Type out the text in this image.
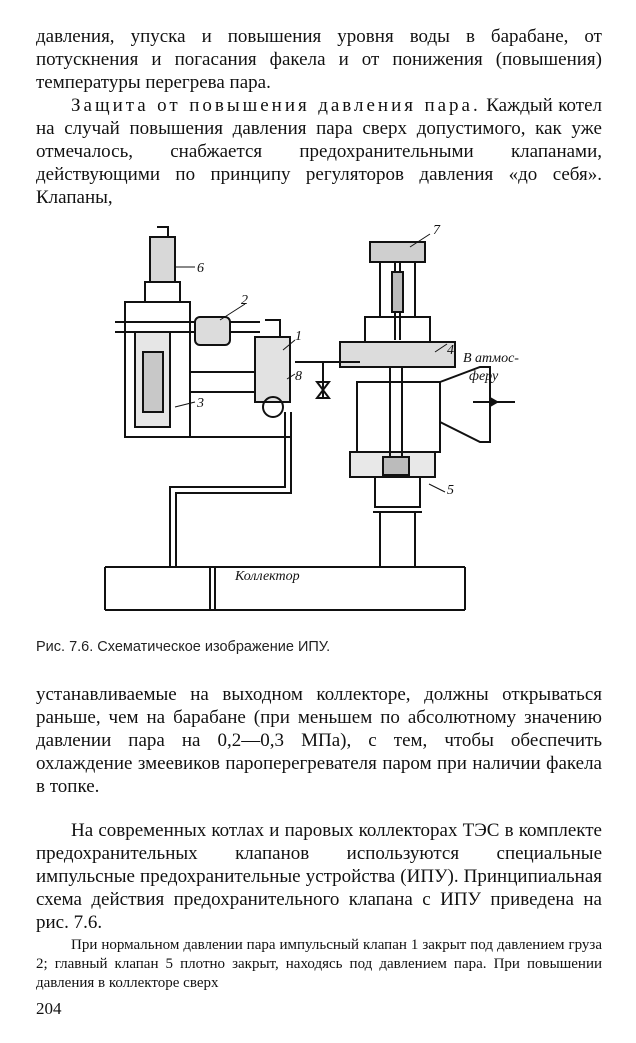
давления, упуска и повышения уровня воды в барабане, от потускнения и погасания факела и от понижения (повышения) температуры перегрева пара.

Защита от повышения давления пара. Каждый котел на случай повышения давления пара сверх допустимого, как уже отмечалось, снабжается предохранительными клапанами, действующими по принципу регуляторов давления «до себя». Клапаны,

7
4
5
2
1
8
3
6
В атмос-
феру
Коллектор
Рис. 7.6. Схематическое изображение ИПУ.

устанавливаемые на выходном коллекторе, должны открываться раньше, чем на барабане (при меньшем по абсолютному значению давлении пара на 0,2—0,3 МПа), с тем, чтобы обеспечить охлаждение змеевиков пароперегревателя паром при наличии факела в топке.

На современных котлах и паровых коллекторах ТЭС в комплекте предохранительных клапанов используются специальные импульсные предохранительные устройства (ИПУ). Принципиальная схема действия предохранительного клапана с ИПУ приведена на рис. 7.6.

При нормальном давлении пара импульсный клапан 1 закрыт под давлением груза 2; главный клапан 5 плотно закрыт, находясь под давлением пара. При повышении давления в коллекторе сверх

204
